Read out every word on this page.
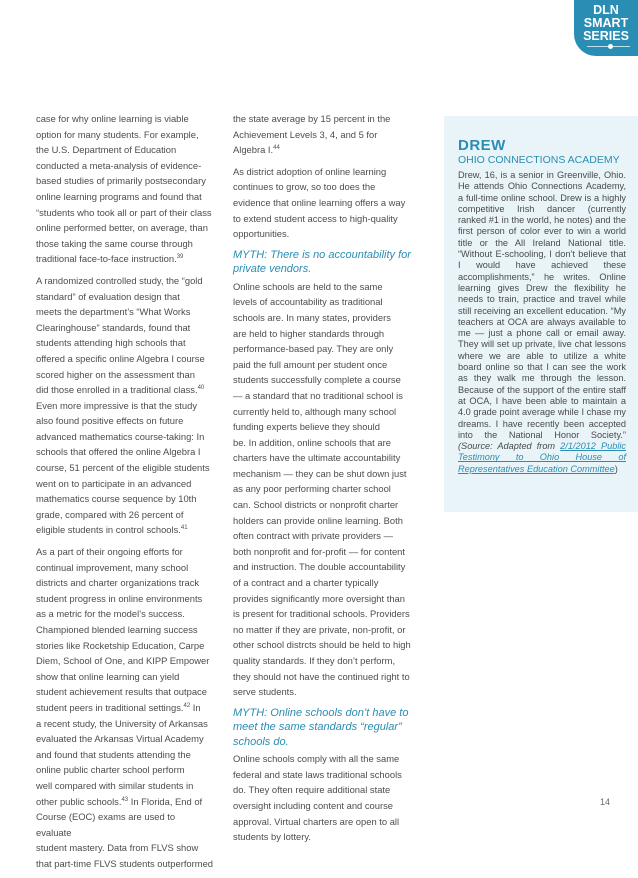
DLN
SMART
SERIES

case for why online learning is viable
option for many students. For example,
the U.S. Department of Education
conducted a meta-analysis of evidence-
based studies of primarily postsecondary
online learning programs and found that
“students who took all or part of their class
online performed better, on average, than
those taking the same course through
traditional face-to-face instruction.$^{39}$

A randomized controlled study, the “gold
standard” of evaluation design that
meets the department’s “What Works
Clearinghouse” standards, found that
students attending high schools that
offered a specific online Algebra I course
scored higher on the assessment than
did those enrolled in a traditional class.$^{40}$

Even more impressive is that the study
also found positive effects on future
advanced mathematics course-taking: In
schools that offered the online Algebra I
course, 51 percent of the eligible students
went on to participate in an advanced
mathematics course sequence by 10th
grade, compared with 26 percent of
eligible students in control schools.$^{41}$

As a part of their ongoing efforts for
continual improvement, many school
districts and charter organizations track
student progress in online environments
as a metric for the model’s success.
Championed blended learning success
stories like Rocketship Education, Carpe
Diem, School of One, and KIPP Empower
show that online learning can yield
student achievement results that outpace
student peers in traditional settings.$^{42}$ In
a recent study, the University of Arkansas
evaluated the Arkansas Virtual Academy
and found that students attending the
online public charter school perform
well compared with similar students in
other public schools.$^{43}$ In Florida, End of
Course (EOC) exams are used to evaluate
student mastery. Data from FLVS show
that part-time FLVS students outperformed

the state average by 15 percent in the
Achievement Levels 3, 4, and 5 for
Algebra I.$^{44}$

As district adoption of online learning
continues to grow, so too does the
evidence that online learning offers a way
to extend student access to high-quality
opportunities.

MYTH: There is no accountability for
private vendors.

Online schools are held to the same
levels of accountability as traditional
schools are. In many states, providers
are held to higher standards through
performance-based pay. They are only
paid the full amount per student once
students successfully complete a course
— a standard that no traditional school is
currently held to, although many school
funding experts believe they should
be. In addition, online schools that are
charters have the ultimate accountability
mechanism — they can be shut down just
as any poor performing charter school
can. School districts or nonprofit charter
holders can provide online learning. Both
often contract with private providers —
both nonprofit and for-profit — for content
and instruction. The double accountability
of a contract and a charter typically
provides significantly more oversight than
is present for traditional schools. Providers
no matter if they are private, non-profit, or
other school distrcts should be held to high
quality standards. If they don’t perform,
they should not have the continued right to
serve students.

MYTH: Online schools don’t have to
meet the same standards “regular”
schools do.

Online schools comply with all the same
federal and state laws traditional schools
do. They often require additional state
oversight including content and course
approval. Virtual charters are open to all
students by lottery.

DREW
OHIO CONNECTIONS ACADEMY
Drew, 16, is a senior in Greenville, Ohio. He attends Ohio Connections Academy, a full-time online school. Drew is a highly competitive Irish dancer (currently ranked #1 in the world, he notes) and the first person of color ever to win a world title or the All Ireland National title. “Without E-schooling, I don’t believe that I would have achieved these accomplishments,” he writes. Online learning gives Drew the flexibility he needs to train, practice and travel while still receiving an excellent education. “My teachers at OCA are always available to me — just a phone call or email away. They will set up private, live chat lessons where we are able to utilize a white board online so that I can see the work as they walk me through the lesson. Because of the support of the entire staff at OCA, I have been able to maintain a 4.0 grade point average while I chase my dreams. I have recently been accepted into the National Honor Society.” (Source: Adapted from 2/1/2012 Public Testimony to Ohio House of Representatives Education Committee)
14
